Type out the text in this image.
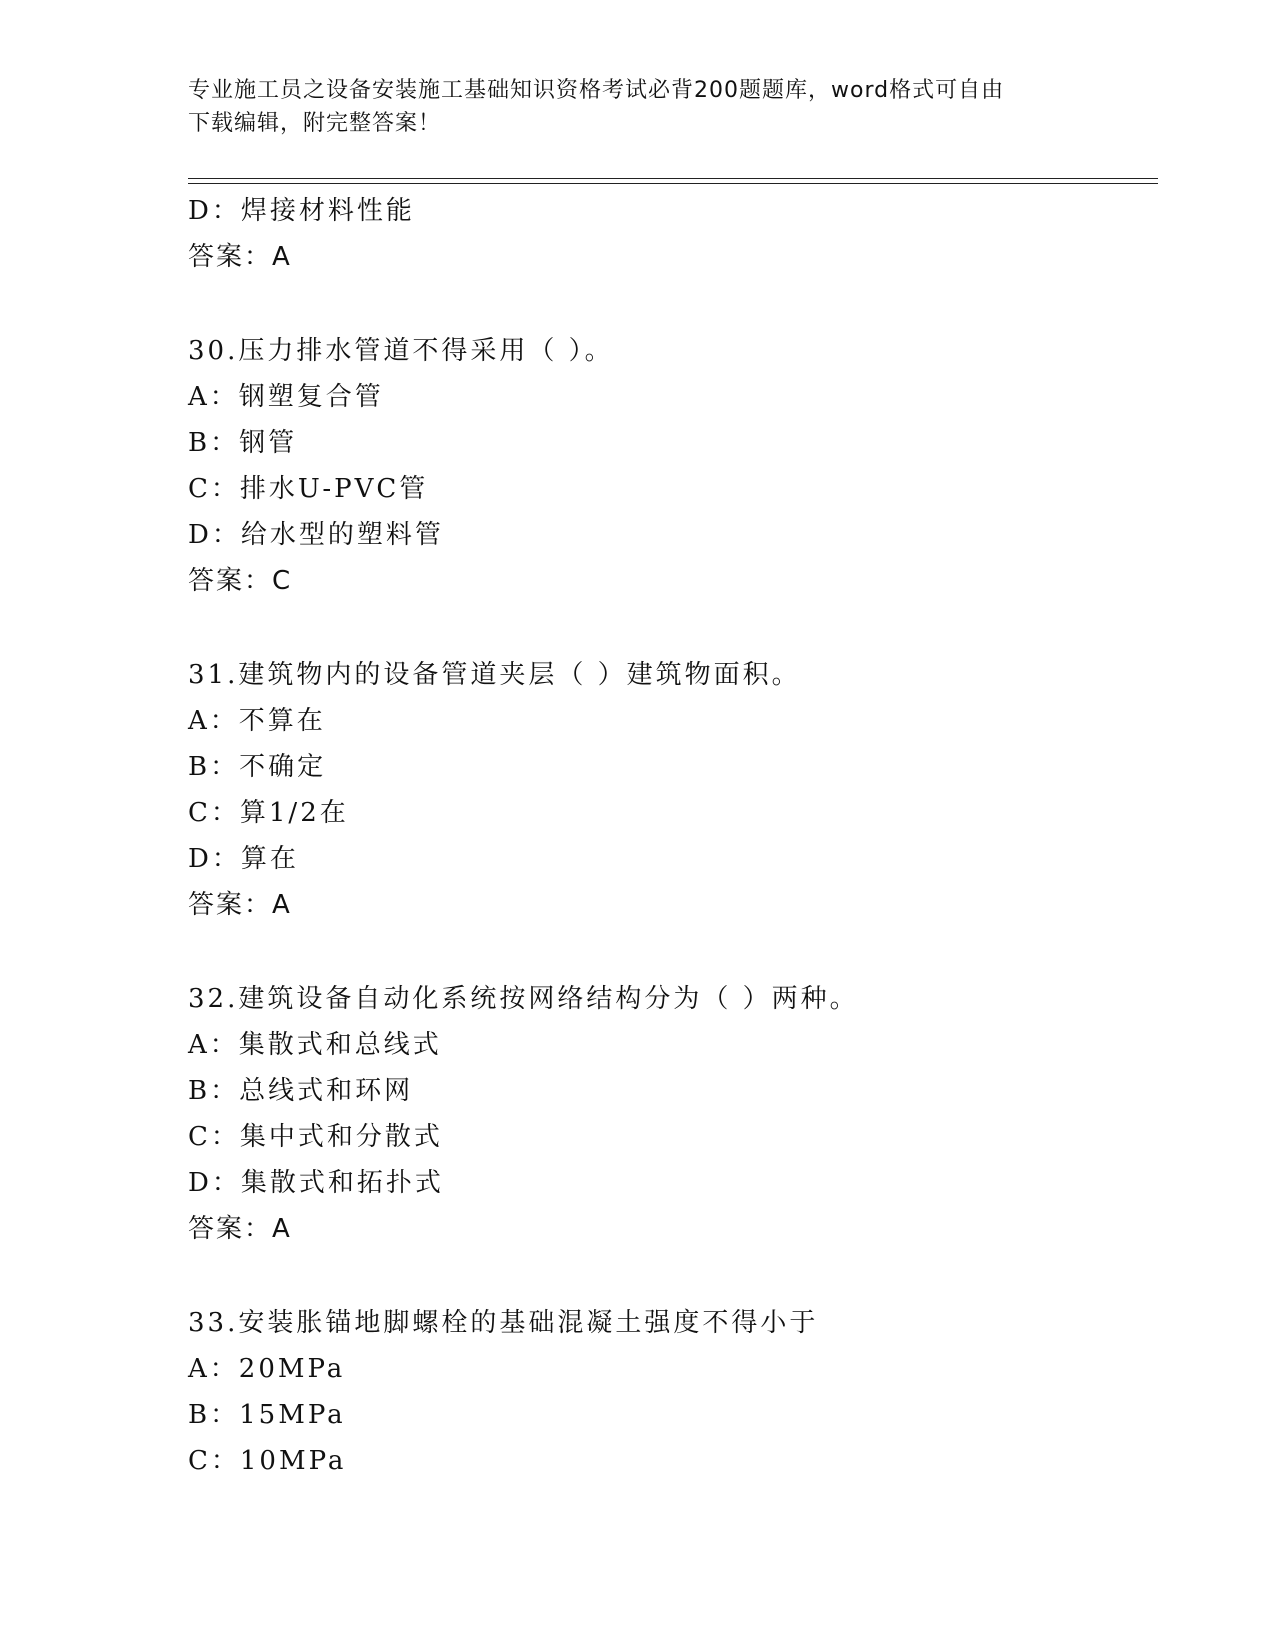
专业施工员之设备安装施工基础知识资格考试必背200题题库，word格式可自由
下载编辑，附完整答案！
D：焊接材料性能
答案：A
30.压力排水管道不得采用（ ）。
A：钢塑复合管
B：钢管
C：排水U-PVC管
D：给水型的塑料管
答案：C
31.建筑物内的设备管道夹层（ ）建筑物面积。
A：不算在
B：不确定
C：算1/2在
D：算在
答案：A
32.建筑设备自动化系统按网络结构分为（ ）两种。
A：集散式和总线式
B：总线式和环网
C：集中式和分散式
D：集散式和拓扑式
答案：A
33.安装胀锚地脚螺栓的基础混凝土强度不得小于
A：20MPa
B：15MPa
C：10MPa
